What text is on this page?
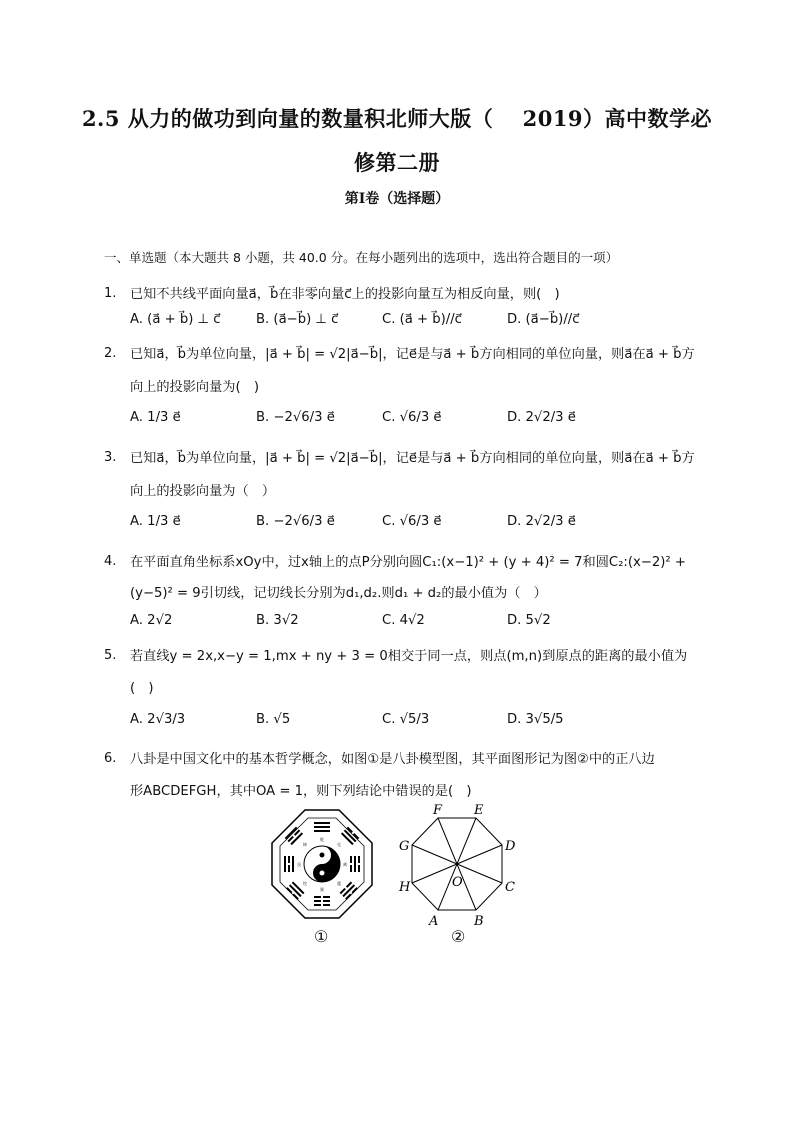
2.5 从力的做功到向量的数量积北师大版（　 2019）高中数学必
修第二册
第Ⅰ卷（选择题）
一、单选题（本大题共 8 小题，共 40.0 分。在每小题列出的选项中，选出符合题目的一项）
1. 已知不共线平面向量a⃗，b⃗在非零向量c⃗上的投影向量互为相反向量，则(　)
A. (a⃗ + b⃗) ⊥ c⃗	B. (a⃗−b⃗) ⊥ c⃗	C. (a⃗ + b⃗)//c⃗	D. (a⃗−b⃗)//c⃗
2. 已知a⃗，b⃗为单位向量，|a⃗ + b⃗| = √2|a⃗−b⃗|，记e⃗是与a⃗ + b⃗方向相同的单位向量，则a⃗在a⃗ + b⃗方
向上的投影向量为(　)
A. 1/3 e⃗	B. −2√6/3 e⃗	C. √6/3 e⃗	D. 2√2/3 e⃗
3. 已知a⃗，b⃗为单位向量，|a⃗ + b⃗| = √2|a⃗−b⃗|，记e⃗是与a⃗ + b⃗方向相同的单位向量，则a⃗在a⃗ + b⃗方
向上的投影向量为（　）
A. 1/3 e⃗	B. −2√6/3 e⃗	C. √6/3 e⃗	D. 2√2/3 e⃗
4. 在平面直角坐标系xOy中，过x轴上的点P分别向圆C₁:(x−1)² + (y + 4)² = 7和圆C₂:(x−2)² +
(y−5)² = 9引切线，记切线长分别为d₁,d₂.则d₁ + d₂的最小值为（　）
A. 2√2	B. 3√2	C. 4√2	D. 5√2
5. 若直线y = 2x,x−y = 1,mx + ny + 3 = 0相交于同一点，则点(m,n)到原点的距离的最小值为
(　)
A. 2√3/3	B. √5	C. √5/3	D. 3√5/5
6. 八卦是中国文化中的基本哲学概念，如图①是八卦模型图，其平面图形记为图②中的正八边
形ABCDEFGH，其中OA = 1，则下列结论中错误的是(　)
乾
兑
离
震
巽
坎
艮
坤
①
A	B
C
D
E
F
G
H	O
②
